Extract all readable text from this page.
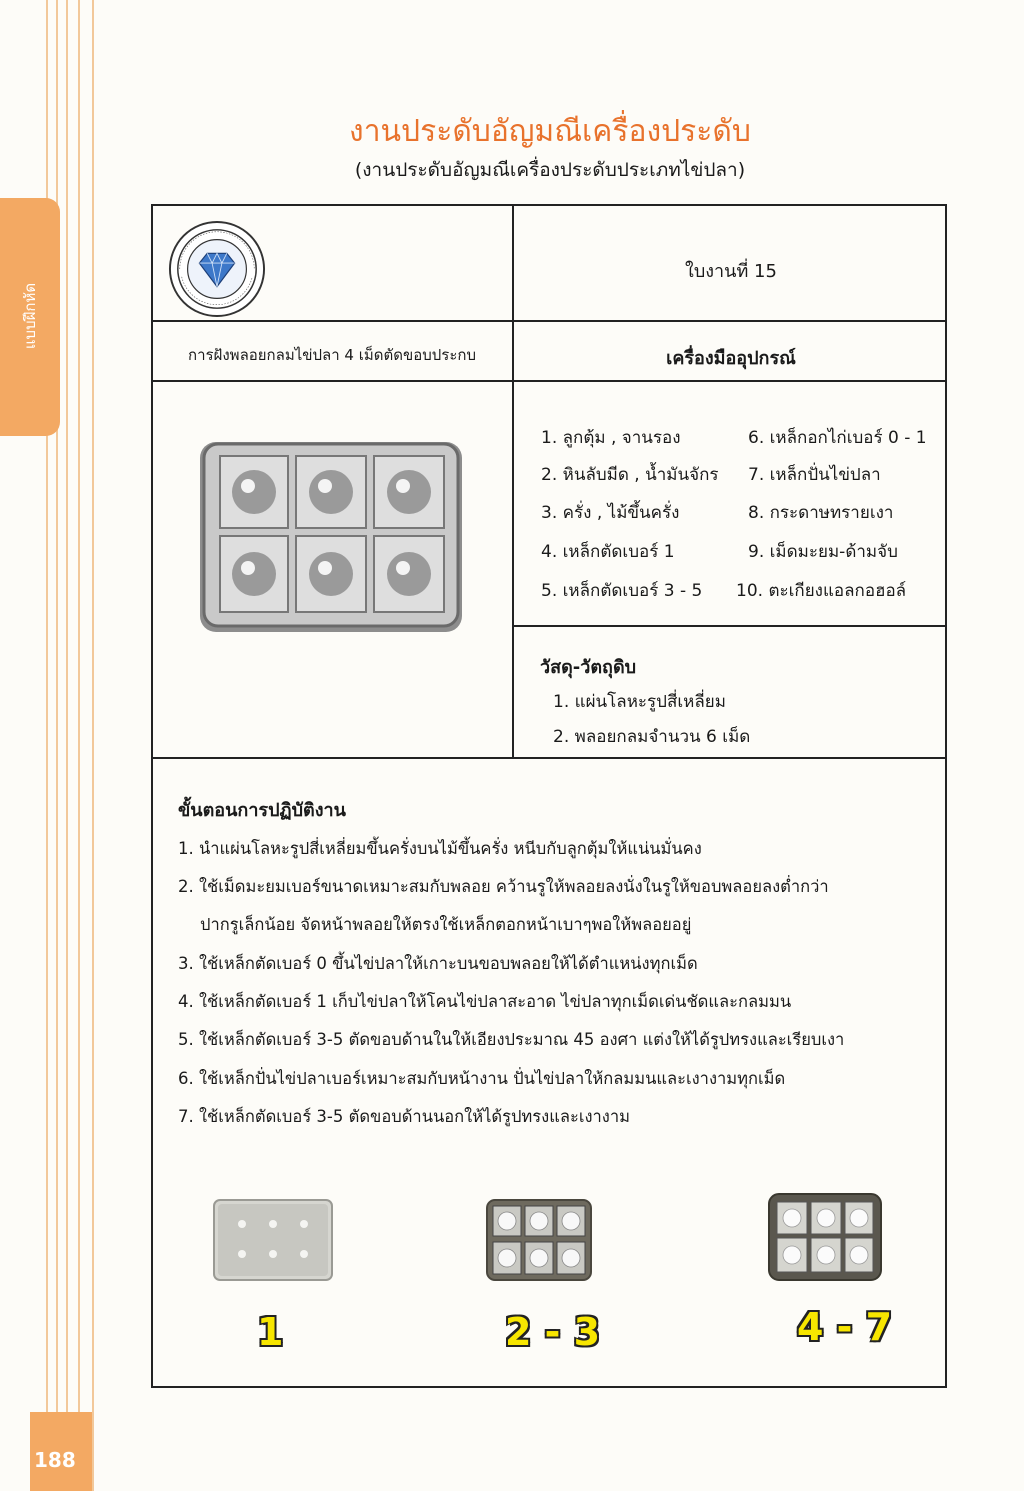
แบบฝึกหัด
188
งานประดับอัญมณีเครื่องประดับ
(งานประดับอัญมณีเครื่องประดับประเภทไข่ปลา)
ใบงานที่ 15
การฝังพลอยกลมไข่ปลา 4 เม็ดตัดขอบประกบ	เครื่องมืออุปกรณ์
1. ลูกตุ้ม , จานรอง
2. หินลับมีด , น้ำมันจักร
3. ครั่ง , ไม้ขึ้นครั่ง
4. เหล็กตัดเบอร์ 1
5. เหล็กตัดเบอร์ 3 - 5
6. เหล็กอกไก่เบอร์ 0 - 1
7. เหล็กปั่นไข่ปลา
8. กระดาษทรายเงา
9. เม็ดมะยม-ด้ามจับ
10. ตะเกียงแอลกอฮอล์
วัสดุ-วัตถุดิบ
1. แผ่นโลหะรูปสี่เหลี่ยม
2. พลอยกลมจำนวน 6 เม็ด
ขั้นตอนการปฏิบัติงาน
1. นำแผ่นโลหะรูปสี่เหลี่ยมขึ้นครั่งบนไม้ขึ้นครั่ง หนีบกับลูกตุ้มให้แน่นมั่นคง
2. ใช้เม็ดมะยมเบอร์ขนาดเหมาะสมกับพลอย คว้านรูให้พลอยลงนั่งในรูให้ขอบพลอยลงต่ำกว่า
ปากรูเล็กน้อย จัดหน้าพลอยให้ตรงใช้เหล็กตอกหน้าเบาๆพอให้พลอยอยู่
3. ใช้เหล็กตัดเบอร์ 0 ขึ้นไข่ปลาให้เกาะบนขอบพลอยให้ได้ตำแหน่งทุกเม็ด
4. ใช้เหล็กตัดเบอร์ 1 เก็บไข่ปลาให้โคนไข่ปลาสะอาด ไข่ปลาทุกเม็ดเด่นชัดและกลมมน
5. ใช้เหล็กตัดเบอร์ 3-5 ตัดขอบด้านในให้เอียงประมาณ 45 องศา แต่งให้ได้รูปทรงและเรียบเงา
6. ใช้เหล็กปั่นไข่ปลาเบอร์เหมาะสมกับหน้างาน ปั่นไข่ปลาให้กลมมนและเงางามทุกเม็ด
7. ใช้เหล็กตัดเบอร์ 3-5 ตัดขอบด้านนอกให้ได้รูปทรงและเงางาม
1	2 - 3	4 - 7
